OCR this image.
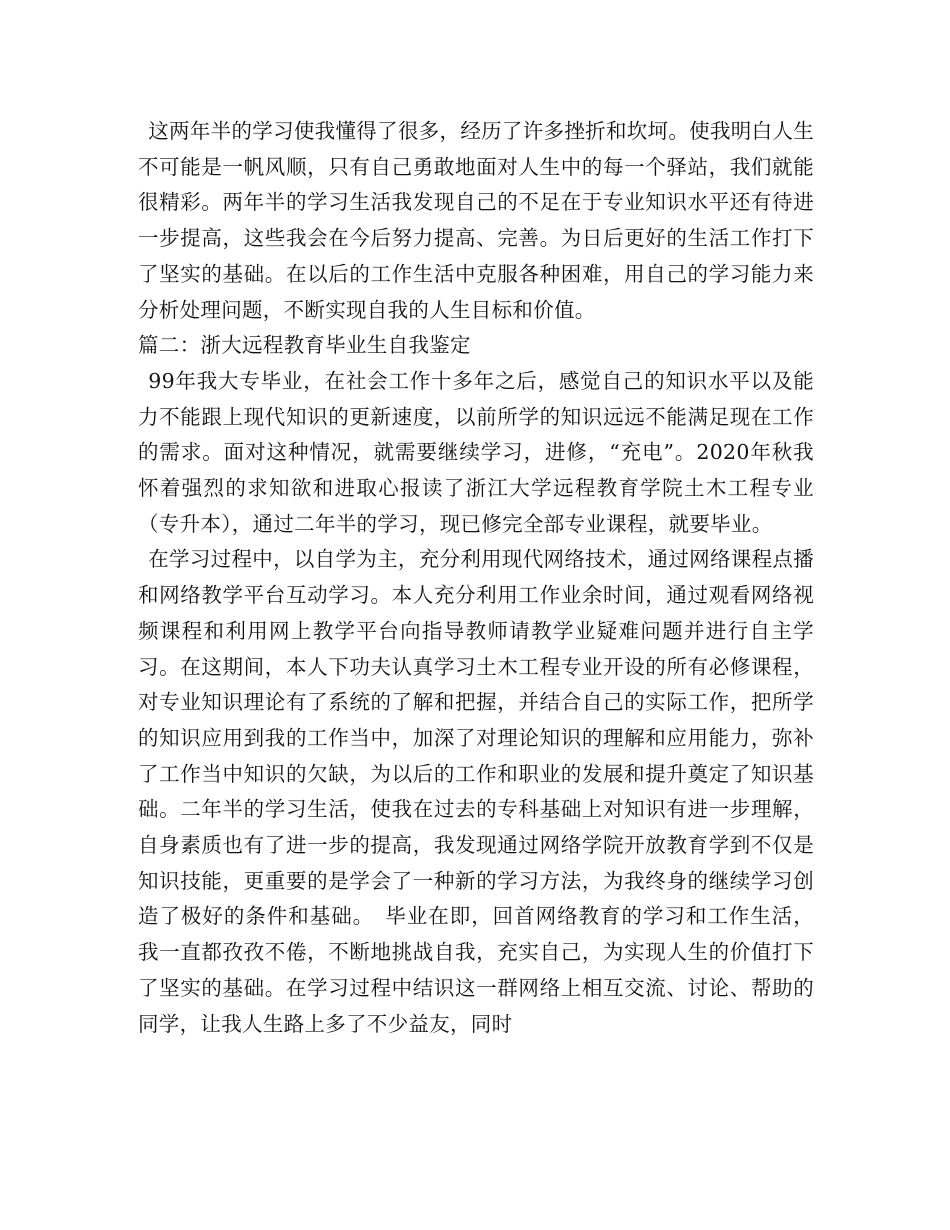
这两年半的学习使我懂得了很多，经历了许多挫折和坎坷。使我明白人生不可能是一帆风顺，只有自己勇敢地面对人生中的每一个驿站，我们就能很精彩。两年半的学习生活我发现自己的不足在于专业知识水平还有待进一步提高，这些我会在今后努力提高、完善。为日后更好的生活工作打下了坚实的基础。在以后的工作生活中克服各种困难，用自己的学习能力来分析处理问题，不断实现自我的人生目标和价值。

篇二：浙大远程教育毕业生自我鉴定

99年我大专毕业，在社会工作十多年之后，感觉自己的知识水平以及能力不能跟上现代知识的更新速度，以前所学的知识远远不能满足现在工作的需求。面对这种情况，就需要继续学习，进修，“充电”。2020年秋我怀着强烈的求知欲和进取心报读了浙江大学远程教育学院土木工程专业（专升本），通过二年半的学习，现已修完全部专业课程，就要毕业。

在学习过程中，以自学为主，充分利用现代网络技术，通过网络课程点播和网络教学平台互动学习。本人充分利用工作业余时间，通过观看网络视频课程和利用网上教学平台向指导教师请教学业疑难问题并进行自主学习。在这期间，本人下功夫认真学习土木工程专业开设的所有必修课程，对专业知识理论有了系统的了解和把握，并结合自己的实际工作，把所学的知识应用到我的工作当中，加深了对理论知识的理解和应用能力，弥补了工作当中知识的欠缺，为以后的工作和职业的发展和提升奠定了知识基础。二年半的学习生活，使我在过去的专科基础上对知识有进一步理解，自身素质也有了进一步的提高，我发现通过网络学院开放教育学到不仅是知识技能，更重要的是学会了一种新的学习方法，为我终身的继续学习创造了极好的条件和基础。　毕业在即，回首网络教育的学习和工作生活，我一直都孜孜不倦，不断地挑战自我，充实自己，为实现人生的价值打下了坚实的基础。在学习过程中结识这一群网络上相互交流、讨论、帮助的同学，让我人生路上多了不少益友，同时
